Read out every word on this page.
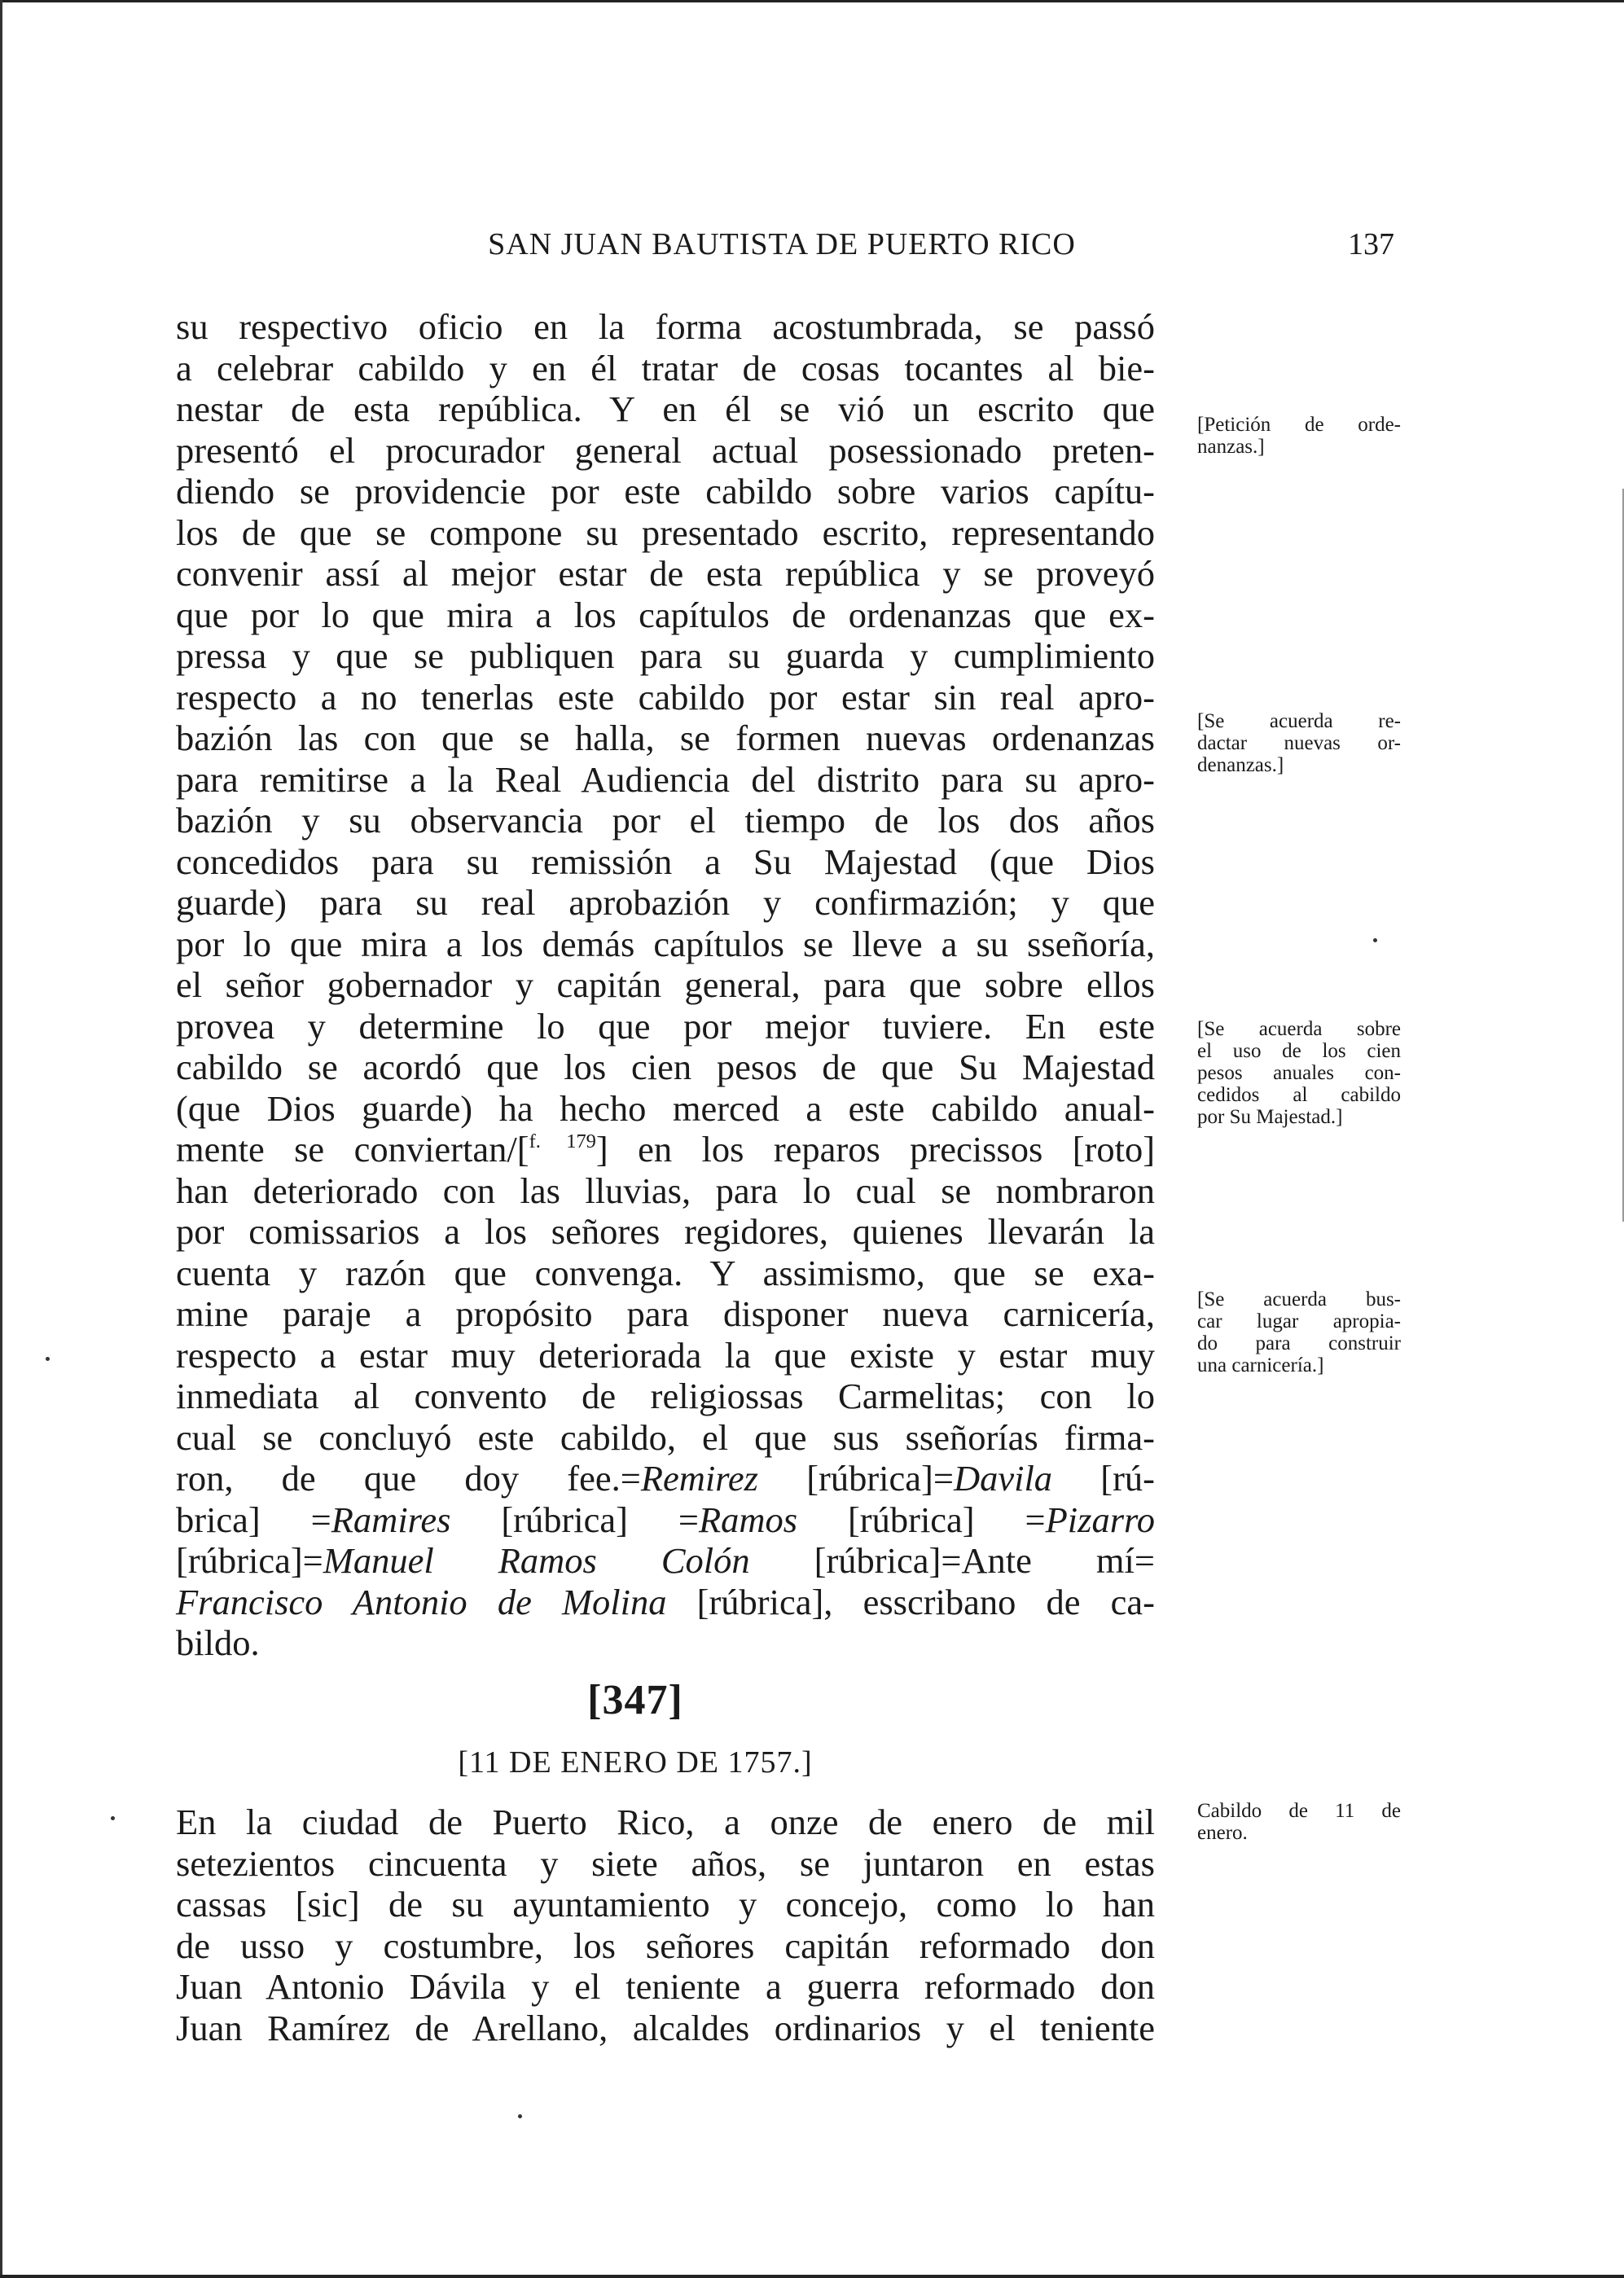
SAN JUAN BAUTISTA DE PUERTO RICO	137
su respectivo oficio en la forma acostumbrada, se passó
a celebrar cabildo y en él tratar de cosas tocantes al bie-
nestar de esta república. Y en él se vió un escrito que
presentó el procurador general actual posessionado preten-
diendo se providencie por este cabildo sobre varios capítu-
los de que se compone su presentado escrito, representando
convenir assí al mejor estar de esta república y se proveyó
que por lo que mira a los capítulos de ordenanzas que ex-
pressa y que se publiquen para su guarda y cumplimiento
respecto a no tenerlas este cabildo por estar sin real apro-
bazión las con que se halla, se formen nuevas ordenanzas
para remitirse a la Real Audiencia del distrito para su apro-
bazión y su observancia por el tiempo de los dos años
concedidos para su remissión a Su Majestad (que Dios
guarde) para su real aprobazión y confirmazión; y que
por lo que mira a los demás capítulos se lleve a su sseñoría,
el señor gobernador y capitán general, para que sobre ellos
provea y determine lo que por mejor tuviere. En este
cabildo se acordó que los cien pesos de que Su Majestad
(que Dios guarde) ha hecho merced a este cabildo anual-
mente se conviertan/[$^{f. 179}$] en los reparos precissos [roto]
han deteriorado con las lluvias, para lo cual se nombraron
por comissarios a los señores regidores, quienes llevarán la
cuenta y razón que convenga. Y assimismo, que se exa-
mine paraje a propósito para disponer nueva carnicería,
respecto a estar muy deteriorada la que existe y estar muy
inmediata al convento de religiossas Carmelitas; con lo
cual se concluyó este cabildo, el que sus sseñorías firma-
ron, de que doy fee.=Remirez [rúbrica]=Davila [rú-
brica] =Ramires [rúbrica] =Ramos [rúbrica] =Pizarro
[rúbrica]=Manuel Ramos Colón [rúbrica]=Ante mí=
Francisco Antonio de Molina [rúbrica], esscribano de ca-
bildo.
[347]
[11 DE ENERO DE 1757.]
En la ciudad de Puerto Rico, a onze de enero de mil
setezientos cincuenta y siete años, se juntaron en estas
cassas [sic] de su ayuntamiento y concejo, como lo han
de usso y costumbre, los señores capitán reformado don
Juan Antonio Dávila y el teniente a guerra reformado don
Juan Ramírez de Arellano, alcaldes ordinarios y el teniente
[Petición de orde-
nanzas.]
[Se acuerda re-
dactar nuevas or-
denanzas.]
[Se acuerda sobre
el uso de los cien
pesos anuales con-
cedidos al cabildo
por Su Majestad.]
[Se acuerda bus-
car lugar apropia-
do para construir
una carnicería.]
Cabildo de 11 de
enero.
